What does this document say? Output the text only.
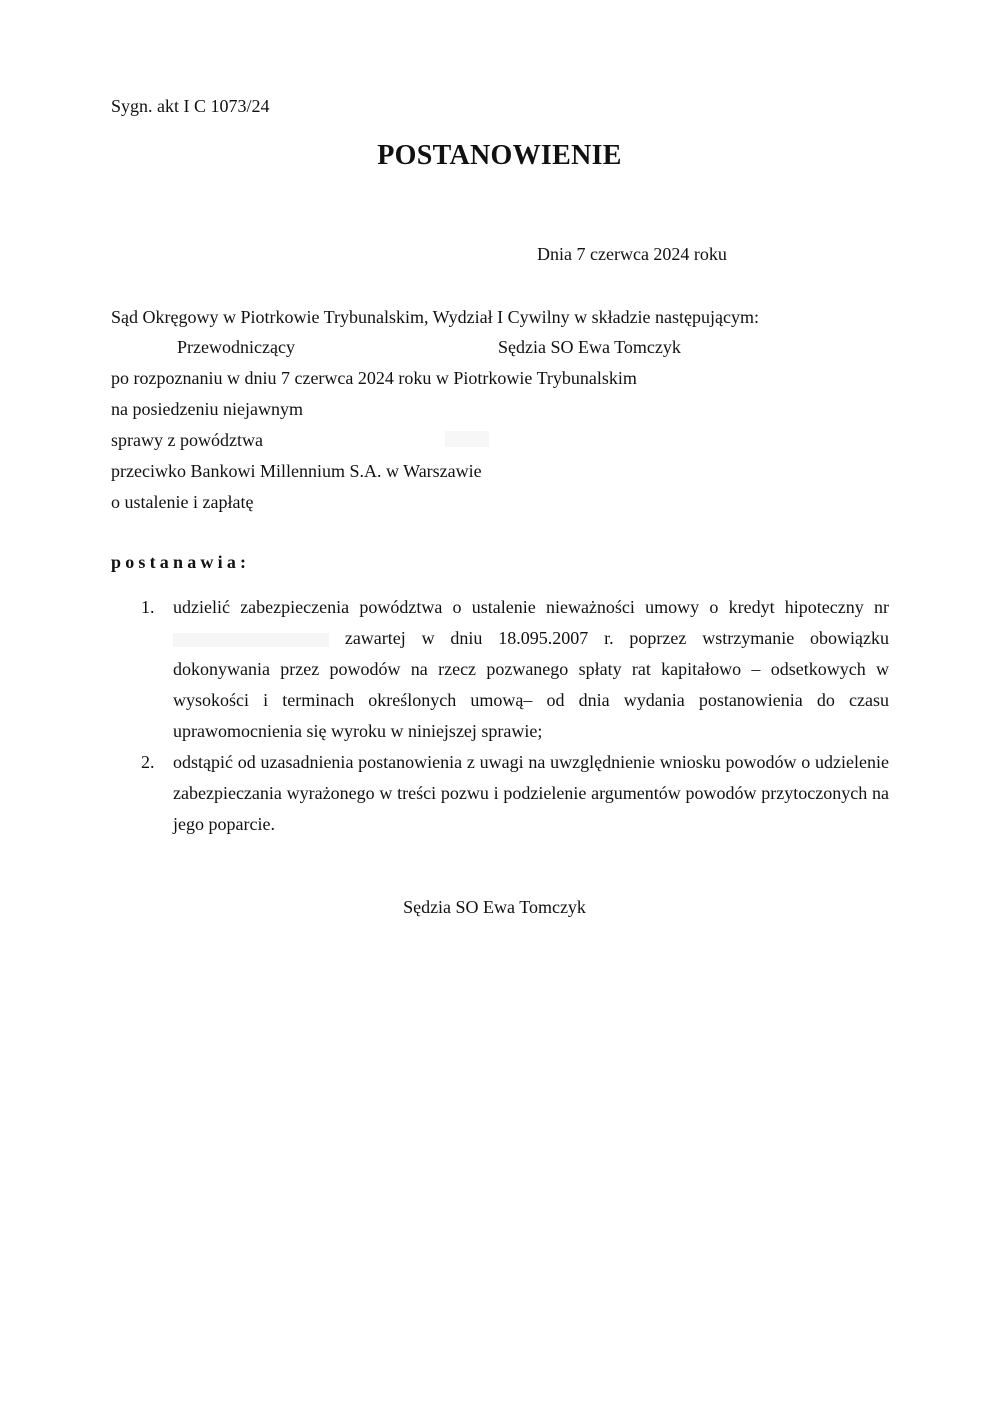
Sygn. akt I C 1073/24
POSTANOWIENIE
Dnia 7 czerwca 2024 roku
Sąd Okręgowy w Piotrkowie Trybunalskim, Wydział I Cywilny w składzie następującym:
Przewodniczący	Sędzia SO Ewa Tomczyk
po rozpoznaniu w dniu 7 czerwca 2024 roku w Piotrkowie Trybunalskim
na posiedzeniu niejawnym
sprawy z powództwa
przeciwko Bankowi Millennium S.A. w Warszawie
o ustalenie i zapłatę
postanawia:
1. udzielić zabezpieczenia powództwa o ustalenie nieważności umowy o kredyt hipoteczny nr  zawartej w dniu 18.095.2007 r. poprzez wstrzymanie obowiązku dokonywania przez powodów na rzecz pozwanego spłaty rat kapitałowo – odsetkowych w wysokości i terminach określonych umową– od dnia wydania postanowienia do czasu uprawomocnienia się wyroku w niniejszej sprawie;
2. odstąpić od uzasadnienia postanowienia z uwagi na uwzględnienie wniosku powodów o udzielenie zabezpieczania wyrażonego w treści pozwu i podzielenie argumentów powodów przytoczonych na jego poparcie.
Sędzia SO Ewa Tomczyk
